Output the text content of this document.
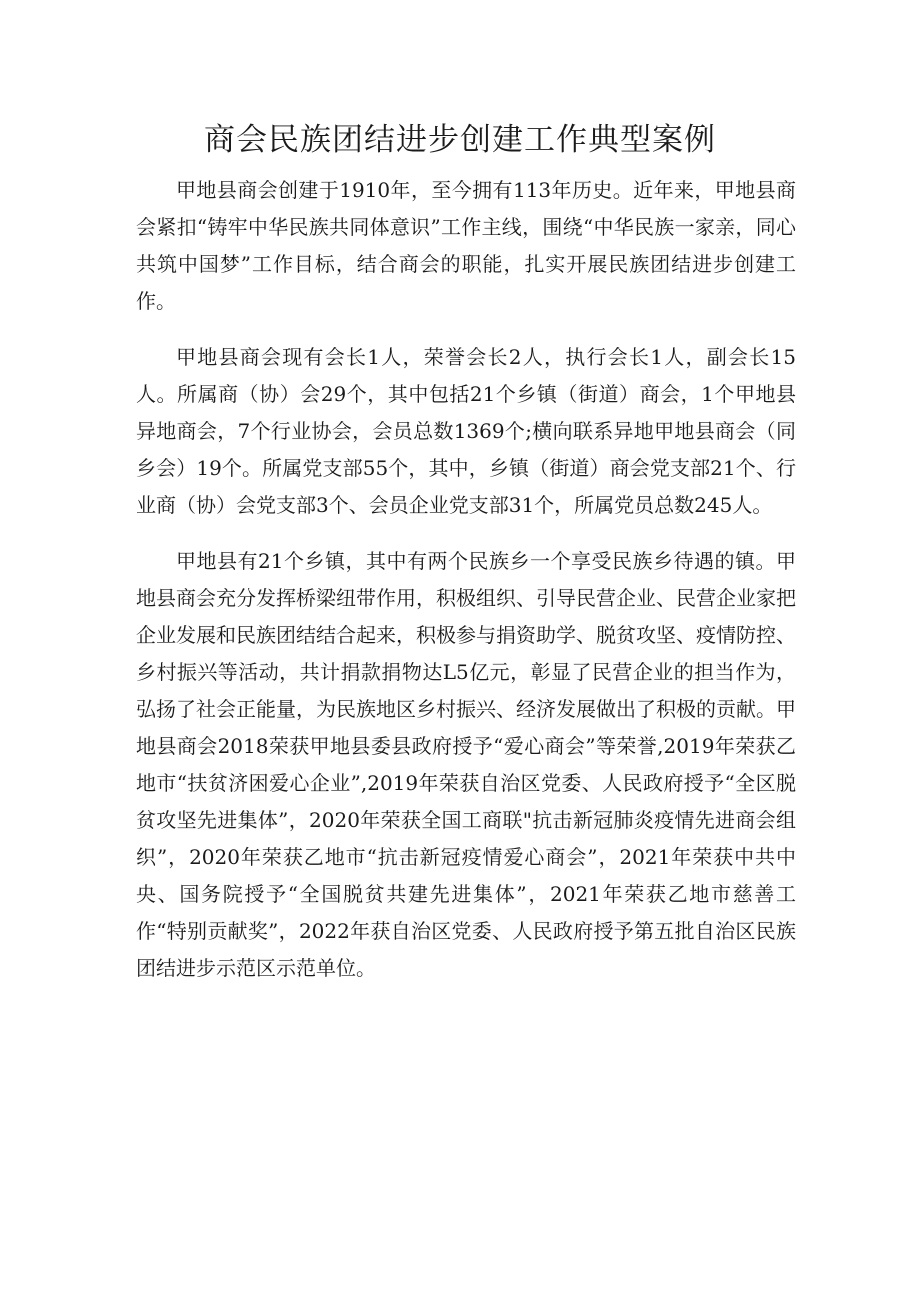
商会民族团结进步创建工作典型案例

甲地县商会创建于1910年，至今拥有113年历史。近年来，甲地县商会紧扣“铸牢中华民族共同体意识”工作主线，围绕“中华民族一家亲，同心共筑中国梦”工作目标，结合商会的职能，扎实开展民族团结进步创建工作。

甲地县商会现有会长1人，荣誉会长2人，执行会长1人，副会长15人。所属商（协）会29个，其中包括21个乡镇（街道）商会，1个甲地县异地商会，7个行业协会，会员总数1369个;横向联系异地甲地县商会（同乡会）19个。所属党支部55个，其中，乡镇（街道）商会党支部21个、行业商（协）会党支部3个、会员企业党支部31个，所属党员总数245人。

甲地县有21个乡镇，其中有两个民族乡一个享受民族乡待遇的镇。甲地县商会充分发挥桥梁纽带作用，积极组织、引导民营企业、民营企业家把企业发展和民族团结结合起来，积极参与捐资助学、脱贫攻坚、疫情防控、乡村振兴等活动，共计捐款捐物达L5亿元，彰显了民营企业的担当作为，弘扬了社会正能量，为民族地区乡村振兴、经济发展做出了积极的贡献。甲地县商会2018荣获甲地县委县政府授予“爱心商会”等荣誉,2019年荣获乙地市“扶贫济困爱心企业”,2019年荣获自治区党委、人民政府授予“全区脱贫攻坚先进集体”，2020年荣获全国工商联"抗击新冠肺炎疫情先进商会组织”，2020年荣获乙地市“抗击新冠疫情爱心商会”，2021年荣获中共中央、国务院授予“全国脱贫共建先进集体”，2021年荣获乙地市慈善工作“特别贡献奖”，2022年获自治区党委、人民政府授予第五批自治区民族团结进步示范区示范单位。
